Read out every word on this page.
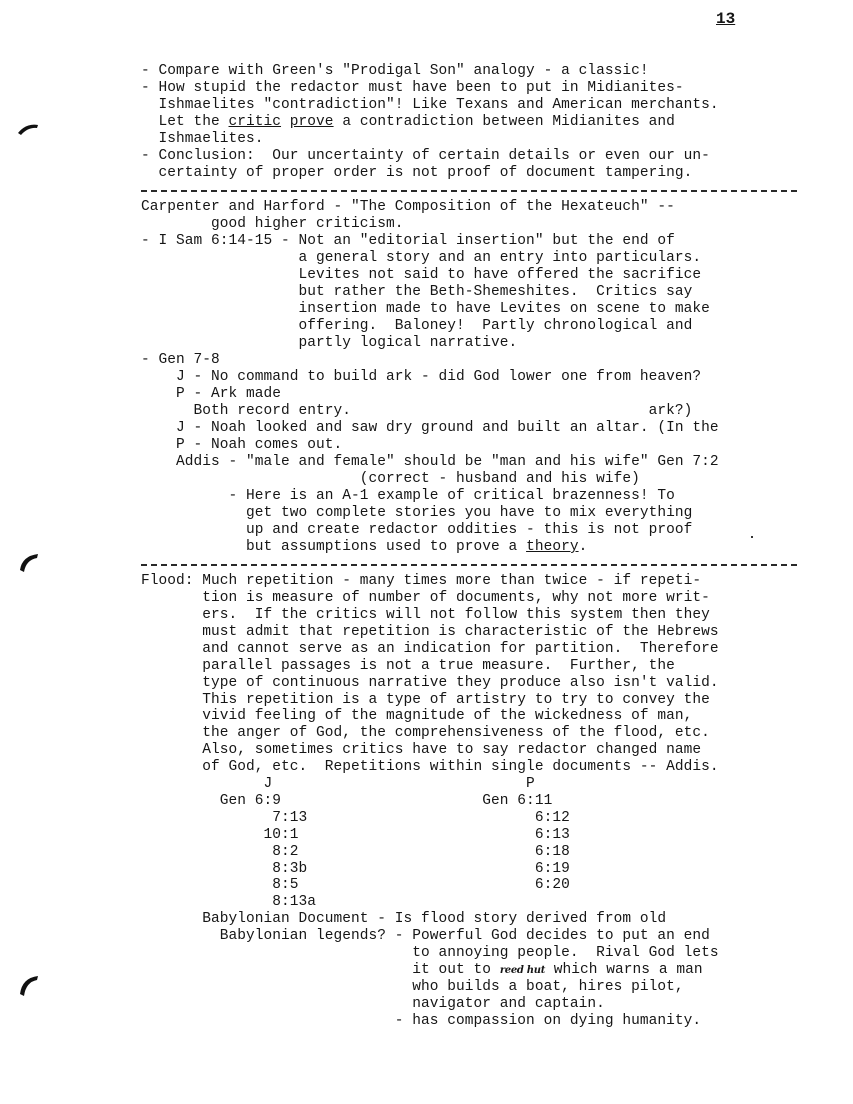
13
- Compare with Green's "Prodigal Son" analogy - a classic!
- How stupid the redactor must have been to put in Midianites-
Ishmaelites "contradiction"! Like Texans and American merchants.
Let the critic prove a contradiction between Midianites and
Ishmaelites.
- Conclusion:  Our uncertainty of certain details or even our un-
certainty of proper order is not proof of document tampering.
Carpenter and Harford - "The Composition of the Hexateuch" --
good higher criticism.
- I Sam 6:14-15 - Not an "editorial insertion" but the end of
a general story and an entry into particulars.
Levites not said to have offered the sacrifice
but rather the Beth-Shemeshites.  Critics say
insertion made to have Levites on scene to make
offering.  Baloney!  Partly chronological and
partly logical narrative.
- Gen 7-8
J - No command to build ark - did God lower one from heaven?
P - Ark made
Both record entry.                                  ark?)
J - Noah looked and saw dry ground and built an altar. (In the
P - Noah comes out.
Addis - "male and female" should be "man and his wife" Gen 7:2
(correct - husband and his wife)
- Here is an A-1 example of critical brazenness! To
get two complete stories you have to mix everything
up and create redactor oddities - this is not proof
but assumptions used to prove a theory.
Flood: Much repetition - many times more than twice - if repeti-
tion is measure of number of documents, why not more writ-
ers.  If the critics will not follow this system then they
must admit that repetition is characteristic of the Hebrews
and cannot serve as an indication for partition.  Therefore
parallel passages is not a true measure.  Further, the
type of continuous narrative they produce also isn't valid.
This repetition is a type of artistry to try to convey the
vivid feeling of the magnitude of the wickedness of man,
the anger of God, the comprehensiveness of the flood, etc.
Also, sometimes critics have to say redactor changed name
of God, etc.  Repetitions within single documents -- Addis.
J                             P
Gen 6:9                       Gen 6:11
7:13                          6:12
10:1                           6:13
8:2                           6:18
8:3b                          6:19
8:5                           6:20
8:13a
Babylonian Document - Is flood story derived from old
Babylonian legends? - Powerful God decides to put an end
to annoying people.  Rival God lets
it out to reed hut which warns a man
who builds a boat, hires pilot,
navigator and captain.
- has compassion on dying humanity.
